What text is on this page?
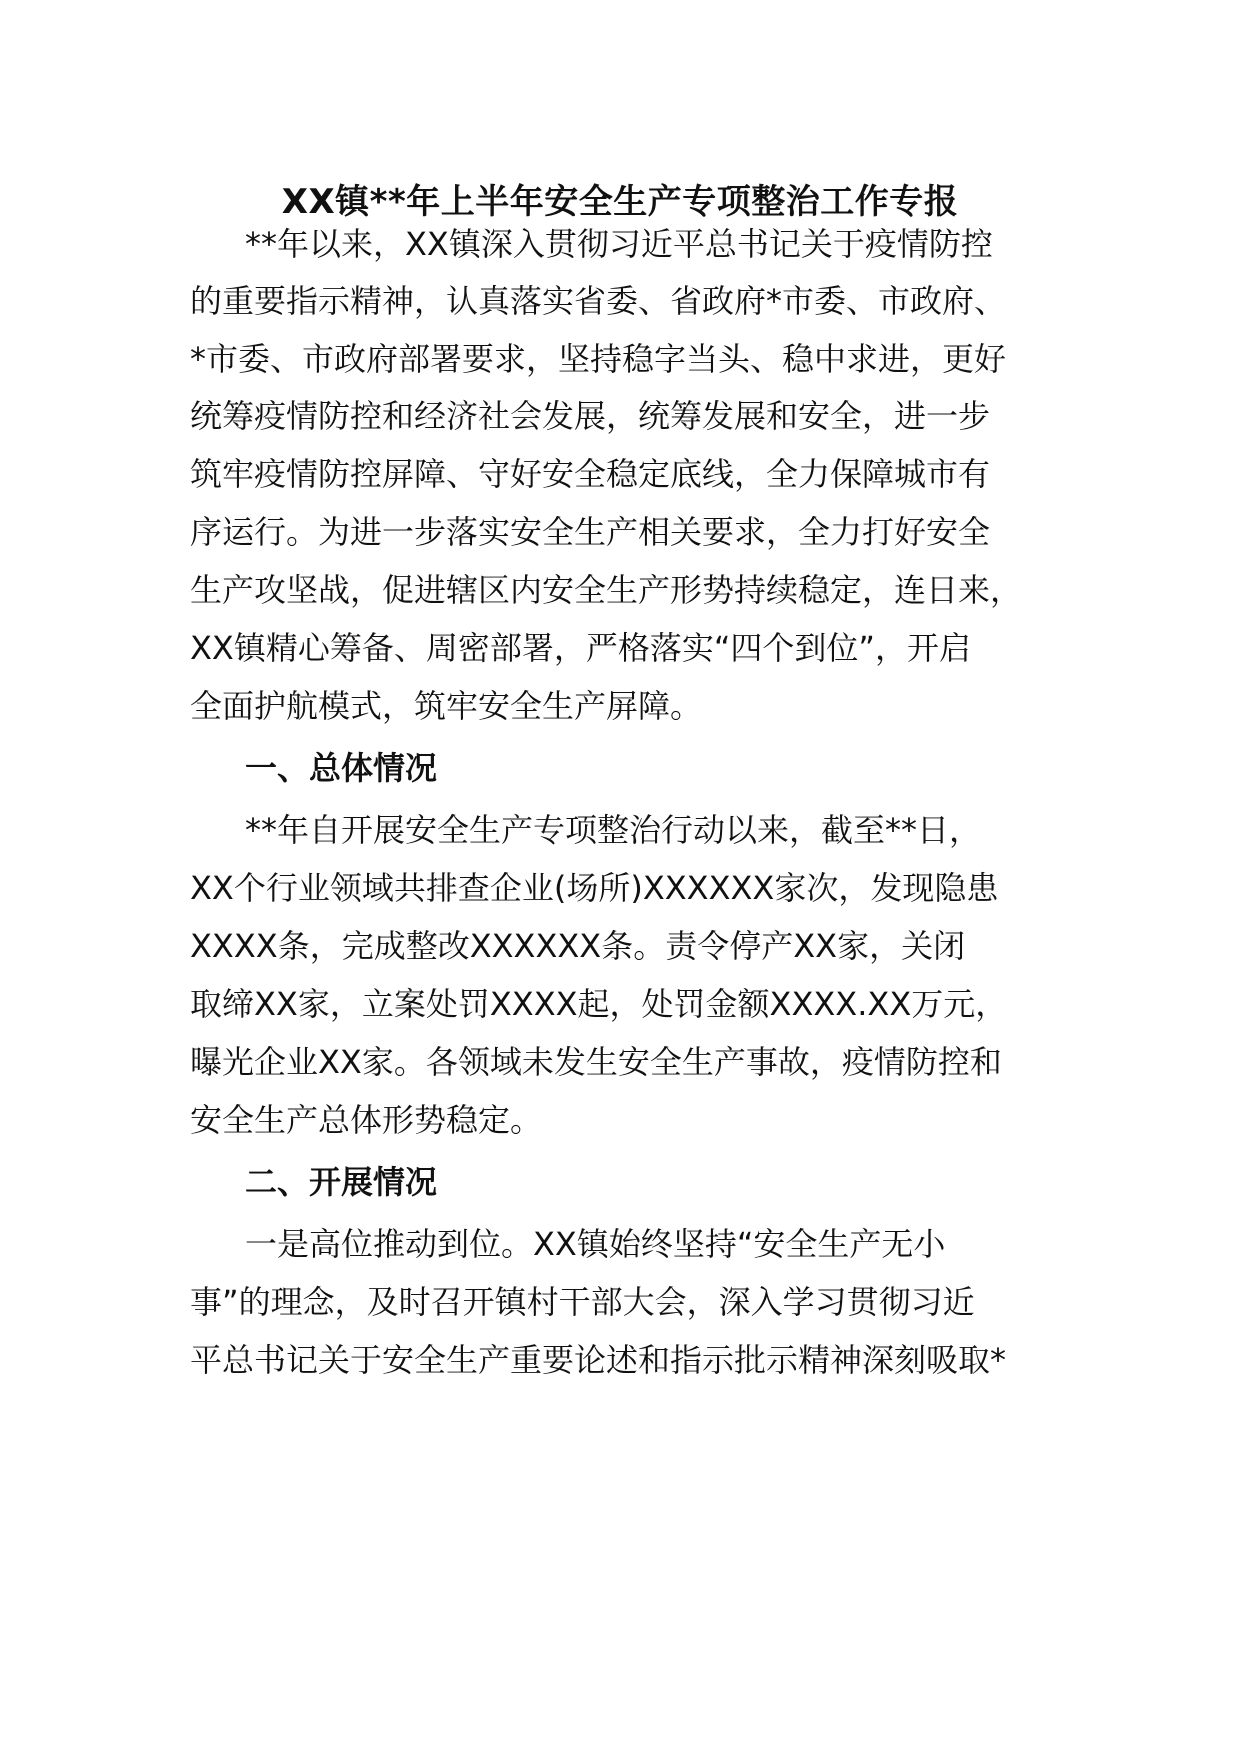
XX镇**年上半年安全生产专项整治工作专报
**年以来，XX镇深入贯彻习近平总书记关于疫情防控
的重要指示精神，认真落实省委、省政府*市委、市政府、
*市委、市政府部署要求，坚持稳字当头、稳中求进，更好
统筹疫情防控和经济社会发展，统筹发展和安全，进一步
筑牢疫情防控屏障、守好安全稳定底线，全力保障城市有
序运行。为进一步落实安全生产相关要求，全力打好安全
生产攻坚战，促进辖区内安全生产形势持续稳定，连日来，
XX镇精心筹备、周密部署，严格落实“四个到位”，开启
全面护航模式，筑牢安全生产屏障。
一、总体情况
**年自开展安全生产专项整治行动以来，截至**日，
XX个行业领域共排查企业(场所)XXXXXX家次，发现隐患
XXXX条，完成整改XXXXXX条。责令停产XX家，关闭
取缔XX家，立案处罚XXXX起，处罚金额XXXX.XX万元，
曝光企业XX家。各领域未发生安全生产事故，疫情防控和
安全生产总体形势稳定。
二、开展情况
一是高位推动到位。XX镇始终坚持“安全生产无小
事”的理念，及时召开镇村干部大会，深入学习贯彻习近
平总书记关于安全生产重要论述和指示批示精神深刻吸取*
